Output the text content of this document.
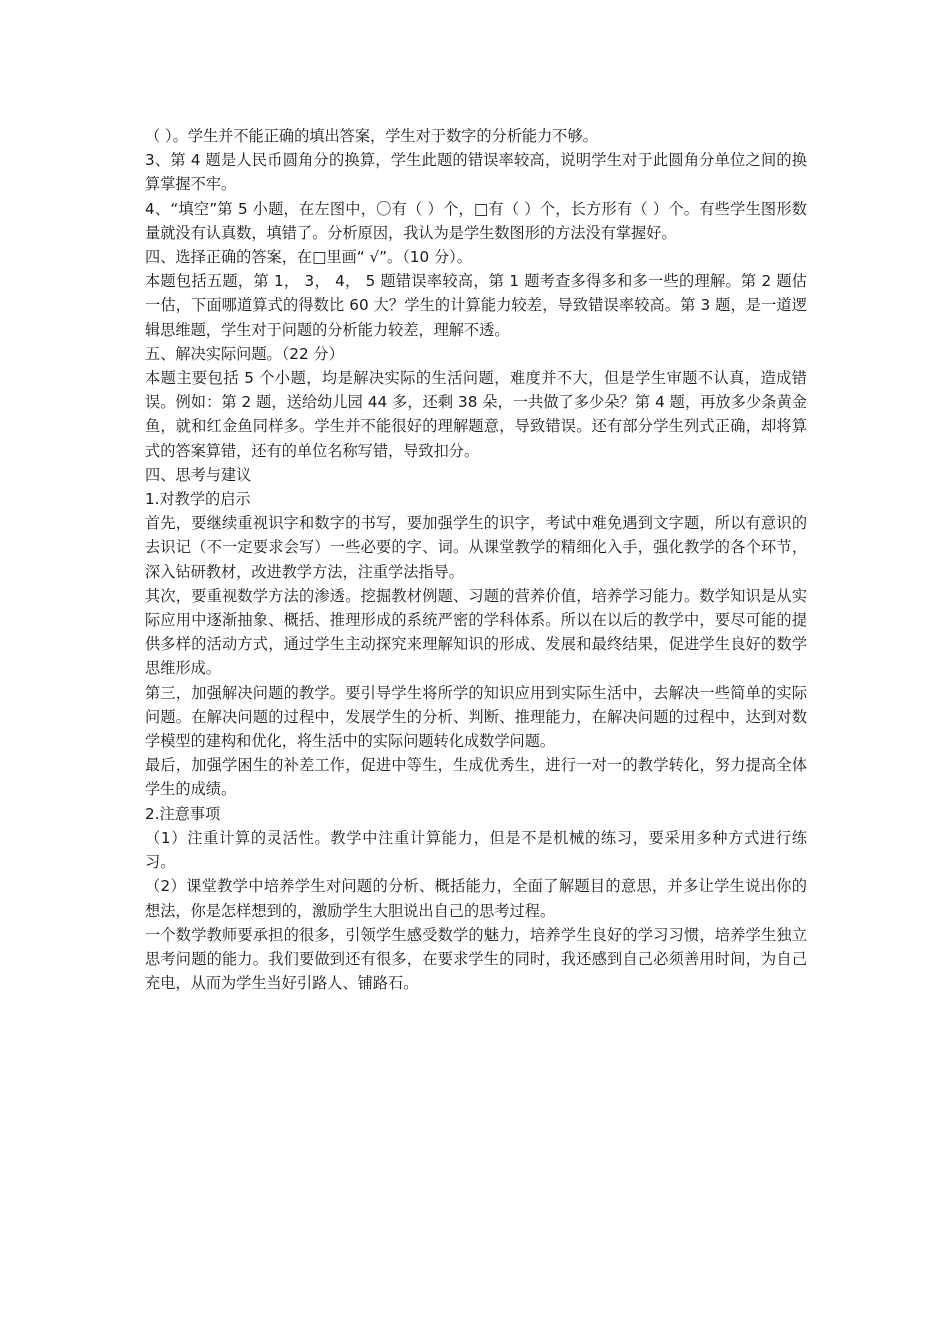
（ ）。学生并不能正确的填出答案，学生对于数字的分析能力不够。

3、第 4 题是人民币圆角分的换算，学生此题的错误率较高，说明学生对于此圆角分单位之间的换算掌握不牢。

4、“填空”第 5 小题，在左图中，〇有（ ）个，□有（ ）个，长方形有（ ）个。有些学生图形数量就没有认真数，填错了。分析原因，我认为是学生数图形的方法没有掌握好。

四、选择正确的答案，在□里画“ √”。（10 分）。

本题包括五题，第 1， 3， 4， 5 题错误率较高，第 1 题考查多得多和多一些的理解。第 2 题估一估，下面哪道算式的得数比 60 大？学生的计算能力较差，导致错误率较高。第 3 题，是一道逻辑思维题，学生对于问题的分析能力较差，理解不透。

五、解决实际问题。（22 分）

本题主要包括 5 个小题，均是解决实际的生活问题，难度并不大，但是学生审题不认真，造成错误。例如：第 2 题，送给幼儿园 44 多，还剩 38 朵，一共做了多少朵？第 4 题，再放多少条黄金鱼，就和红金鱼同样多。学生并不能很好的理解题意，导致错误。还有部分学生列式正确，却将算式的答案算错，还有的单位名称写错，导致扣分。

四、思考与建议

1.对教学的启示

首先，要继续重视识字和数字的书写，要加强学生的识字，考试中难免遇到文字题，所以有意识的去识记（不一定要求会写）一些必要的字、词。从课堂教学的精细化入手，强化教学的各个环节，深入钻研教材，改进教学方法，注重学法指导。

其次，要重视数学方法的渗透。挖掘教材例题、习题的营养价值，培养学习能力。数学知识是从实际应用中逐渐抽象、概括、推理形成的系统严密的学科体系。所以在以后的教学中，要尽可能的提供多样的活动方式，通过学生主动探究来理解知识的形成、发展和最终结果，促进学生良好的数学思维形成。

第三，加强解决问题的教学。要引导学生将所学的知识应用到实际生活中，去解决一些简单的实际问题。在解决问题的过程中，发展学生的分析、判断、推理能力，在解决问题的过程中，达到对数学模型的建构和优化，将生活中的实际问题转化成数学问题。

最后，加强学困生的补差工作，促进中等生，生成优秀生，进行一对一的教学转化，努力提高全体学生的成绩。

2.注意事项

（1）注重计算的灵活性。教学中注重计算能力，但是不是机械的练习，要采用多种方式进行练习。

（2）课堂教学中培养学生对问题的分析、概括能力，全面了解题目的意思，并多让学生说出你的想法，你是怎样想到的，激励学生大胆说出自己的思考过程。

一个数学教师要承担的很多，引领学生感受数学的魅力，培养学生良好的学习习惯，培养学生独立思考问题的能力。我们要做到还有很多，在要求学生的同时，我还感到自己必须善用时间，为自己充电，从而为学生当好引路人、铺路石。
